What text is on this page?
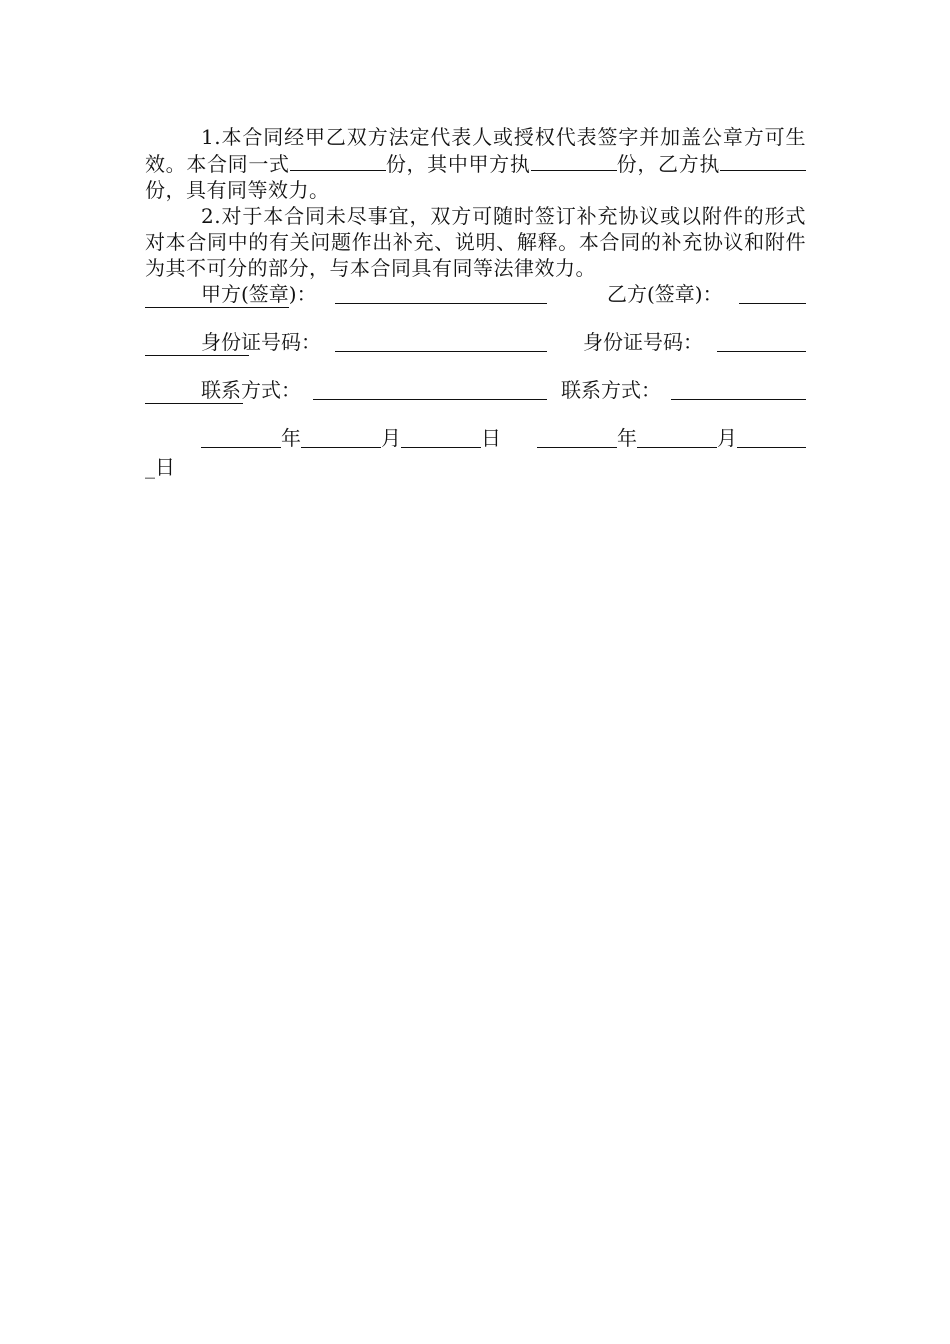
1.本合同经甲乙双方法定代表人或授权代表签字并加盖公章方可生效。本合同一式	份，其中甲方执	份，乙方执份，具有同等效力。

2.对于本合同未尽事宜，双方可随时签订补充协议或以附件的形式对本合同中的有关问题作出补充、说明、解释。本合同的补充协议和附件为其不可分的部分，与本合同具有同等法律效力。

甲方(签章)：	乙方(签章)：
身份证号码：	身份证号码：
联系方式：	联系方式：
年	月	日	年	月
_日
